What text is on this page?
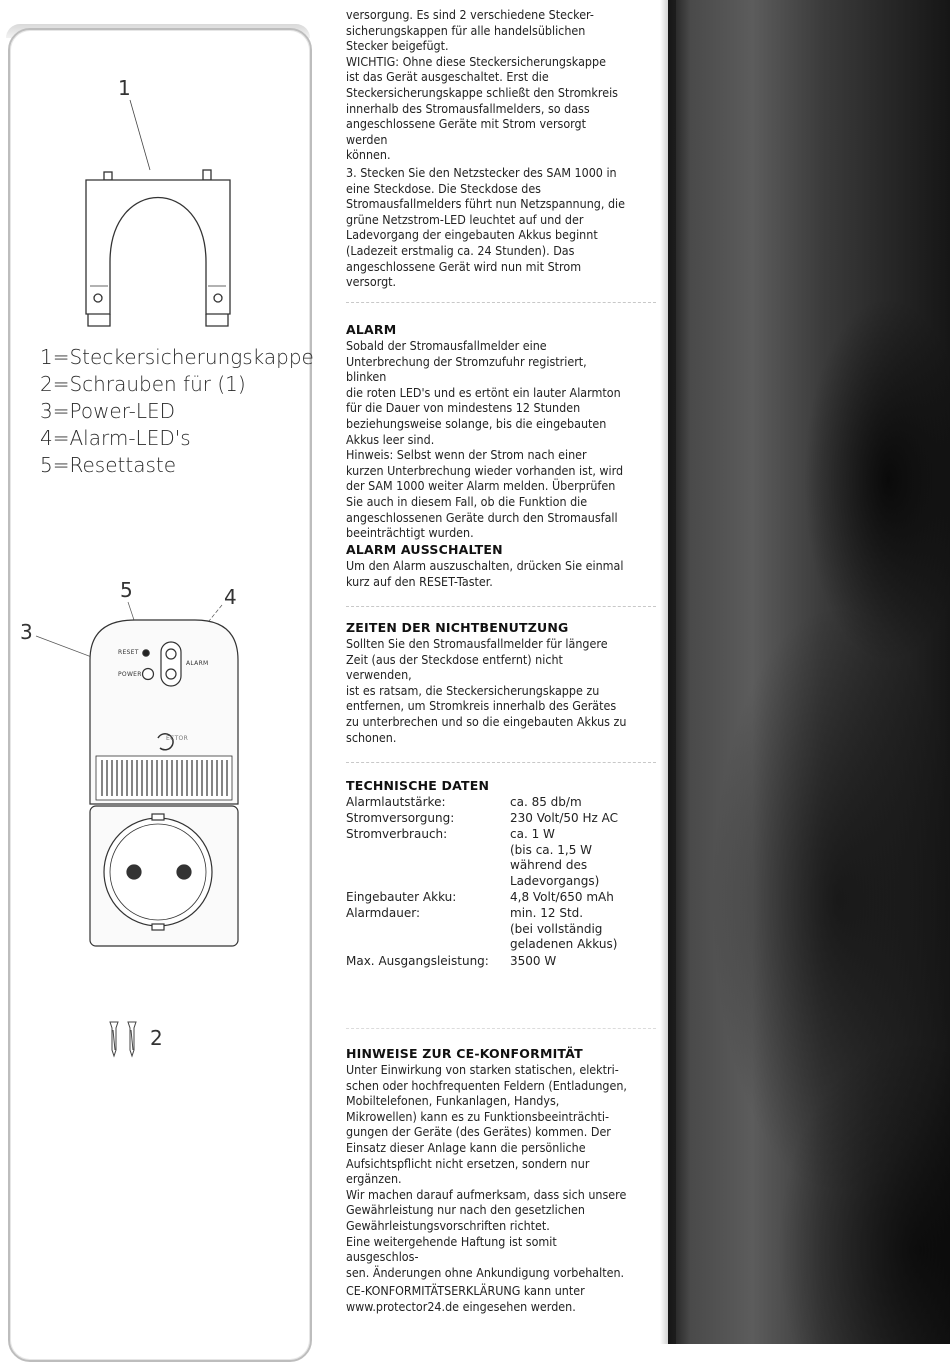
1
1=Steckersicherungskappe
2=Schrauben für (1)
3=Power-LED
4=Alarm-LED's
5=Resettaste
5	4
3
2
RESET
POWER
ALARM
ECTOR

versorgung. Es sind 2 verschiedene Stecker-
sicherungskappen für alle handelsüblichen
Stecker beigefügt.
WICHTIG: Ohne diese Steckersicherungskappe
ist das Gerät ausgeschaltet. Erst die
Steckersicherungskappe schließt den Stromkreis
innerhalb des Stromausfallmelders, so dass
angeschlossene Geräte mit Strom versorgt werden
können.

3. Stecken Sie den Netzstecker des SAM 1000 in
eine Steckdose. Die Steckdose des
Stromausfallmelders führt nun Netzspannung, die
grüne Netzstrom-LED leuchtet auf und der
Ladevorgang der eingebauten Akkus beginnt
(Ladezeit erstmalig ca. 24 Stunden). Das
angeschlossene Gerät wird nun mit Strom
versorgt.

ALARM

Sobald der Stromausfallmelder eine
Unterbrechung der Stromzufuhr registriert, blinken
die roten LED's und es ertönt ein lauter Alarmton
für die Dauer von mindestens 12 Stunden
beziehungsweise solange, bis die eingebauten
Akkus leer sind.
Hinweis: Selbst wenn der Strom nach einer
kurzen Unterbrechung wieder vorhanden ist, wird
der SAM 1000 weiter Alarm melden. Überprüfen
Sie auch in diesem Fall, ob die Funktion die
angeschlossenen Geräte durch den Stromausfall
beeinträchtigt wurden.

ALARM AUSSCHALTEN

Um den Alarm auszuschalten, drücken Sie einmal
kurz auf den RESET-Taster.

ZEITEN DER NICHTBENUTZUNG

Sollten Sie den Stromausfallmelder für längere
Zeit (aus der Steckdose entfernt) nicht verwenden,
ist es ratsam, die Steckersicherungskappe zu
entfernen, um Stromkreis innerhalb des Gerätes
zu unterbrechen und so die eingebauten Akkus zu
schonen.

TECHNISCHE DATEN
Alarmlautstärke:	ca. 85 db/m
Stromversorgung:	230 Volt/50 Hz AC
Stromverbrauch:	ca. 1 W
(bis ca. 1,5 W
während des
Ladevorgangs)
Eingebauter Akku:	4,8 Volt/650 mAh
Alarmdauer:	min. 12 Std.
(bei vollständig
geladenen Akkus)
Max. Ausgangsleistung: 3500 W
HINWEISE ZUR CE-KONFORMITÄT

Unter Einwirkung von starken statischen, elektri-
schen oder hochfrequenten Feldern (Entladungen,
Mobiltelefonen, Funkanlagen, Handys,
Mikrowellen) kann es zu Funktionsbeeinträchti-
gungen der Geräte (des Gerätes) kommen. Der
Einsatz dieser Anlage kann die persönliche
Aufsichtspflicht nicht ersetzen, sondern nur
ergänzen.
Wir machen darauf aufmerksam, dass sich unsere
Gewährleistung nur nach den gesetzlichen
Gewährleistungsvorschriften richtet.
Eine weitergehende Haftung ist somit ausgeschlos-
sen. Änderungen ohne Ankundigung vorbehalten.

CE-KONFORMITÄTSERKLÄRUNG kann unter
www.protector24.de eingesehen werden.
